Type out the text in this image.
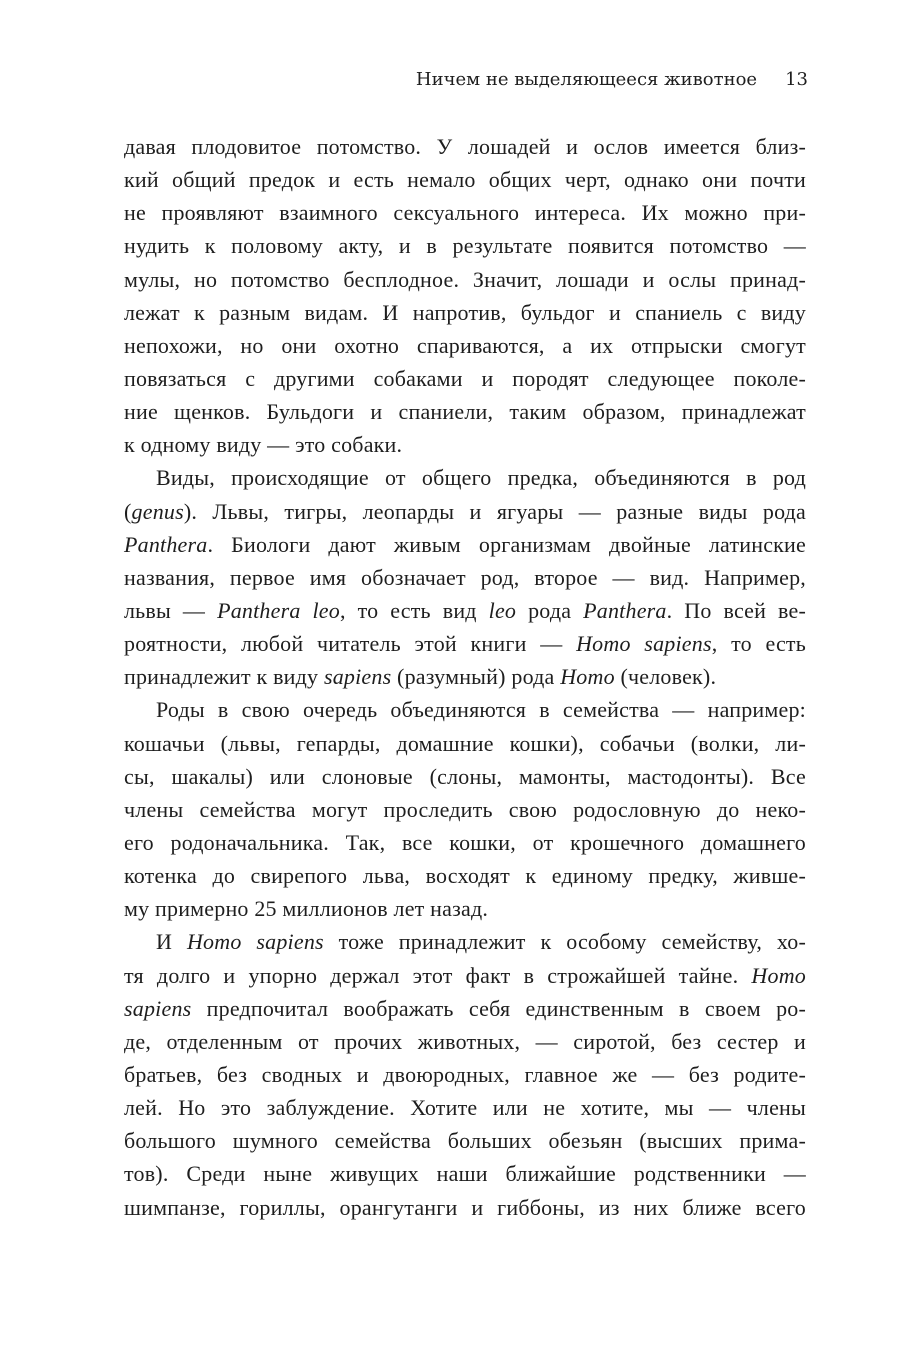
Ничем не выделяющееся животное 13
давая плодовитое потомство. У лошадей и ослов имеется близ-
кий общий предок и есть немало общих черт, однако они почти
не проявляют взаимного сексуального интереса. Их можно при-
нудить к половому акту, и в результате появится потомство —
мулы, но потомство бесплодное. Значит, лошади и ослы принад-
лежат к разным видам. И напротив, бульдог и спаниель с виду
непохожи, но они охотно спариваются, а их отпрыски смогут
повязаться с другими собаками и породят следующее поколе-
ние щенков. Бульдоги и спаниели, таким образом, принадлежат
к одному виду — это собаки.
Виды, происходящие от общего предка, объединяются в род
(genus). Львы, тигры, леопарды и ягуары — разные виды рода
Panthera. Биологи дают живым организмам двойные латинские
названия, первое имя обозначает род, второе — вид. Например,
львы — Panthera leo, то есть вид leo рода Panthera. По всей ве-
роятности, любой читатель этой книги — Homo sapiens, то есть
принадлежит к виду sapiens (разумный) рода Homo (человек).
Роды в свою очередь объединяются в семейства — например:
кошачьи (львы, гепарды, домашние кошки), собачьи (волки, ли-
сы, шакалы) или слоновые (слоны, мамонты, мастодонты). Все
члены семейства могут проследить свою родословную до неко-
его родоначальника. Так, все кошки, от крошечного домашнего
котенка до свирепого льва, восходят к единому предку, живше-
му примерно 25 миллионов лет назад.
И Homo sapiens тоже принадлежит к особому семейству, хо-
тя долго и упорно держал этот факт в строжайшей тайне. Homo
sapiens предпочитал воображать себя единственным в своем ро-
де, отделенным от прочих животных, — сиротой, без сестер и
братьев, без сводных и двоюродных, главное же — без родите-
лей. Но это заблуждение. Хотите или не хотите, мы — члены
большого шумного семейства больших обезьян (высших прима-
тов). Среди ныне живущих наши ближайшие родственники —
шимпанзе, гориллы, орангутанги и гиббоны, из них ближе всего
